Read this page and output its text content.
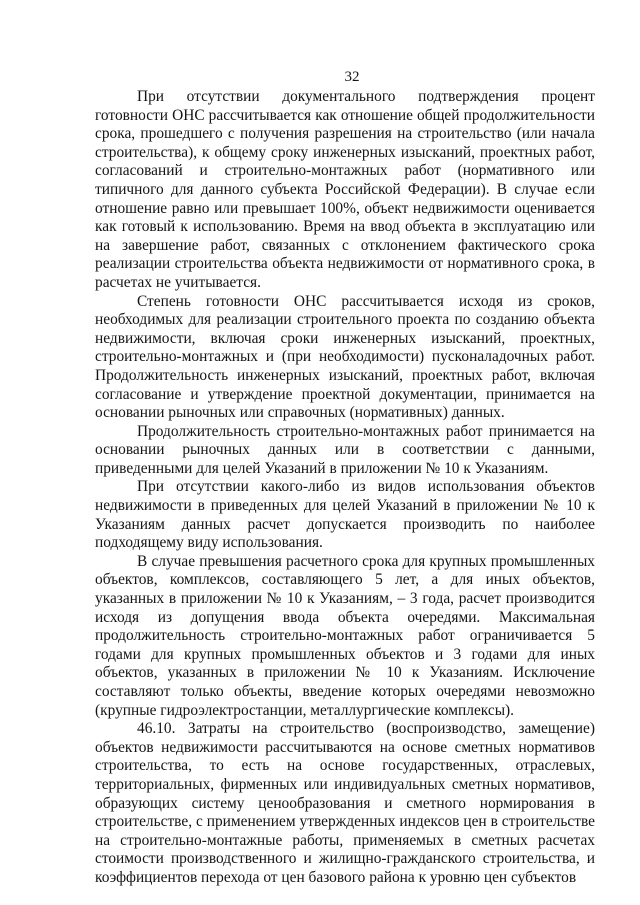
32

При отсутствии документального подтверждения процент готовности ОНС рассчитывается как отношение общей продолжительности срока, прошедшего с получения разрешения на строительство (или начала строительства), к общему сроку инженерных изысканий, проектных работ, согласований и строительно-монтажных работ (нормативного или типичного для данного субъекта Российской Федерации). В случае если отношение равно или превышает 100%, объект недвижимости оценивается как готовый к использованию. Время на ввод объекта в эксплуатацию или на завершение работ, связанных с отклонением фактического срока реализации строительства объекта недвижимости от нормативного срока, в расчетах не учитывается.

Степень готовности ОНС рассчитывается исходя из сроков, необходимых для реализации строительного проекта по созданию объекта недвижимости, включая сроки инженерных изысканий, проектных, строительно-монтажных и (при необходимости) пусконаладочных работ. Продолжительность инженерных изысканий, проектных работ, включая согласование и утверждение проектной документации, принимается на основании рыночных или справочных (нормативных) данных.

Продолжительность строительно-монтажных работ принимается на основании рыночных данных или в соответствии с данными, приведенными для целей Указаний в приложении № 10 к Указаниям.

При отсутствии какого-либо из видов использования объектов недвижимости в приведенных для целей Указаний в приложении № 10 к Указаниям данных расчет допускается производить по наиболее подходящему виду использования.

В случае превышения расчетного срока для крупных промышленных объектов, комплексов, составляющего 5 лет, а для иных объектов, указанных в приложении № 10 к Указаниям, – 3 года, расчет производится исходя из допущения ввода объекта очередями. Максимальная продолжительность строительно-монтажных работ ограничивается 5 годами для крупных промышленных объектов и 3 годами для иных объектов, указанных в приложении № 10 к Указаниям. Исключение составляют только объекты, введение которых очередями невозможно (крупные гидроэлектростанции, металлургические комплексы).

46.10. Затраты на строительство (воспроизводство, замещение) объектов недвижимости рассчитываются на основе сметных нормативов строительства, то есть на основе государственных, отраслевых, территориальных, фирменных или индивидуальных сметных нормативов, образующих систему ценообразования и сметного нормирования в строительстве, с применением утвержденных индексов цен в строительстве на строительно-монтажные работы, применяемых в сметных расчетах стоимости производственного и жилищно-гражданского строительства, и коэффициентов перехода от цен базового района к уровню цен субъектов
